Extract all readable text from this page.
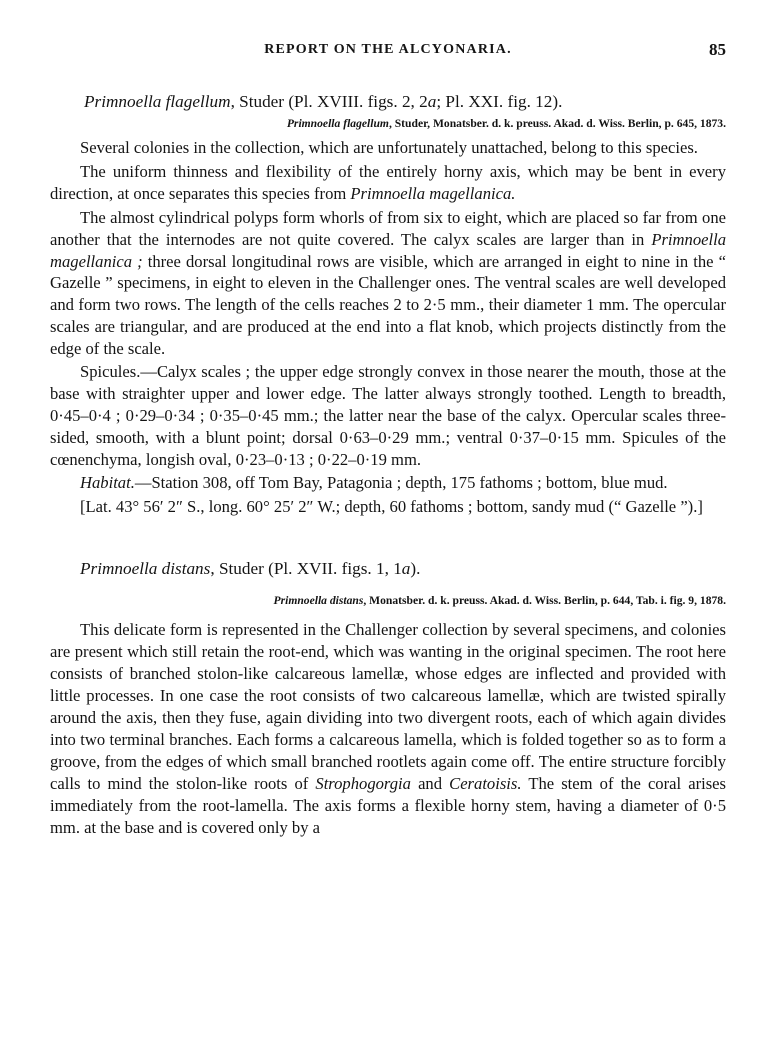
REPORT ON THE ALCYONARIA.	85
Primnoella flagellum, Studer (Pl. XVIII. figs. 2, 2a; Pl. XXI. fig. 12).
Primnoella flagellum, Studer, Monatsber. d. k. preuss. Akad. d. Wiss. Berlin, p. 645, 1873.

Several colonies in the collection, which are unfortunately unattached, belong to this species.

The uniform thinness and flexibility of the entirely horny axis, which may be bent in every direction, at once separates this species from Primnoella magellanica.

The almost cylindrical polyps form whorls of from six to eight, which are placed so far from one another that the internodes are not quite covered. The calyx scales are larger than in Primnoella magellanica ; three dorsal longitudinal rows are visible, which are arranged in eight to nine in the “ Gazelle ” specimens, in eight to eleven in the Challenger ones. The ventral scales are well developed and form two rows. The length of the cells reaches 2 to 2·5 mm., their diameter 1 mm. The opercular scales are triangular, and are produced at the end into a flat knob, which projects distinctly from the edge of the scale.

Spicules.—Calyx scales ; the upper edge strongly convex in those nearer the mouth, those at the base with straighter upper and lower edge. The latter always strongly toothed. Length to breadth, 0·45–0·4 ; 0·29–0·34 ; 0·35–0·45 mm.; the latter near the base of the calyx. Opercular scales three-sided, smooth, with a blunt point; dorsal 0·63–0·29 mm.; ventral 0·37–0·15 mm. Spicules of the cœnenchyma, longish oval, 0·23–0·13 ; 0·22–0·19 mm.

Habitat.—Station 308, off Tom Bay, Patagonia ; depth, 175 fathoms ; bottom, blue mud.

[Lat. 43° 56′ 2″ S., long. 60° 25′ 2″ W.; depth, 60 fathoms ; bottom, sandy mud (“ Gazelle ”).]

Primnoella distans, Studer (Pl. XVII. figs. 1, 1a).
Primnoella distans, Monatsber. d. k. preuss. Akad. d. Wiss. Berlin, p. 644, Tab. i. fig. 9, 1878.

This delicate form is represented in the Challenger collection by several specimens, and colonies are present which still retain the root-end, which was wanting in the original specimen. The root here consists of branched stolon-like calcareous lamellæ, whose edges are inflected and provided with little processes. In one case the root consists of two calcareous lamellæ, which are twisted spirally around the axis, then they fuse, again dividing into two divergent roots, each of which again divides into two terminal branches. Each forms a calcareous lamella, which is folded together so as to form a groove, from the edges of which small branched rootlets again come off. The entire structure forcibly calls to mind the stolon-like roots of Strophogorgia and Ceratoisis. The stem of the coral arises immediately from the root-lamella. The axis forms a flexible horny stem, having a diameter of 0·5 mm. at the base and is covered only by a
